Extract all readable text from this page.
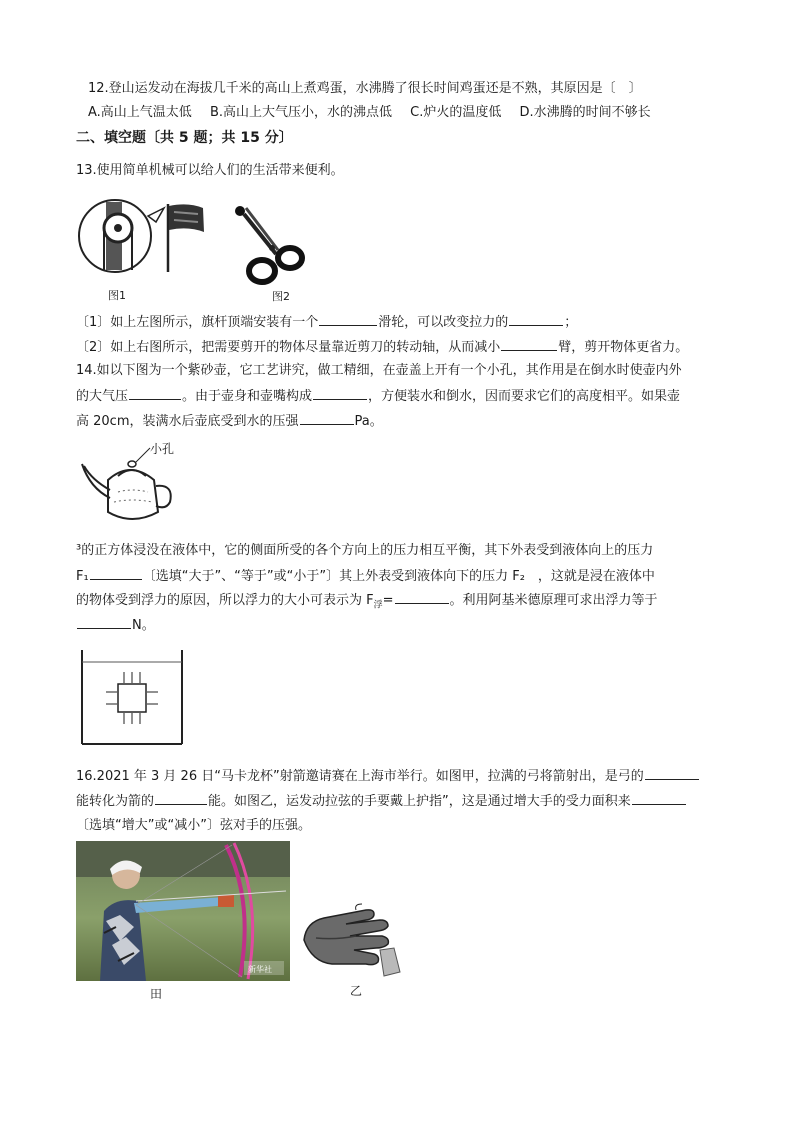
12.登山运发动在海拔几千米的高山上煮鸡蛋，水沸腾了很长时间鸡蛋还是不熟，其原因是〔　〕
A.高山上气温太低 B.高山上大气压小，水的沸点低 C.炉火的温度低 D.水沸腾的时间不够长
二、填空题〔共 5 题；共 15 分〕
13.使用简单机械可以给人们的生活带来便利。
图1	图2
〔1〕如上左图所示，旗杆顶端安装有一个	滑轮，可以改变拉力的	；
〔2〕如上右图所示，把需要剪开的物体尽量靠近剪刀的转动轴，从而减小	臂，剪开物体更省力。
14.如以下图为一个紫砂壶，它工艺讲究，做工精细，在壶盖上开有一个小孔，其作用是在倒水时使壶内外
的大气压	。由于壶身和壶嘴构成	，方便装水和倒水，因而要求它们的高度相平。如果壶
高 20cm，装满水后壶底受到水的压强	Pa。
小孔
³的正方体浸没在液体中，它的侧面所受的各个方向上的压力相互平衡，其下外表受到液体向上的压力
F₁	〔选填“大于”、“等于”或“小于”〕其上外表受到液体向下的压力 F₂　，这就是浸在液体中
的物体受到浮力的原因，所以浮力的大小可表示为 $F_浮=$	。利用阿基米德原理可求出浮力等于
N。
16.2021 年 3 月 26 日“马卡龙杯”射箭邀请赛在上海市举行。如图甲，拉满的弓将箭射出，是弓的
能转化为箭的	能。如图乙，运发动拉弦的手要戴上护指”，这是通过增大手的受力面积来
〔选填“增大”或“减小”〕弦对手的压强。
新华社
田	乙
